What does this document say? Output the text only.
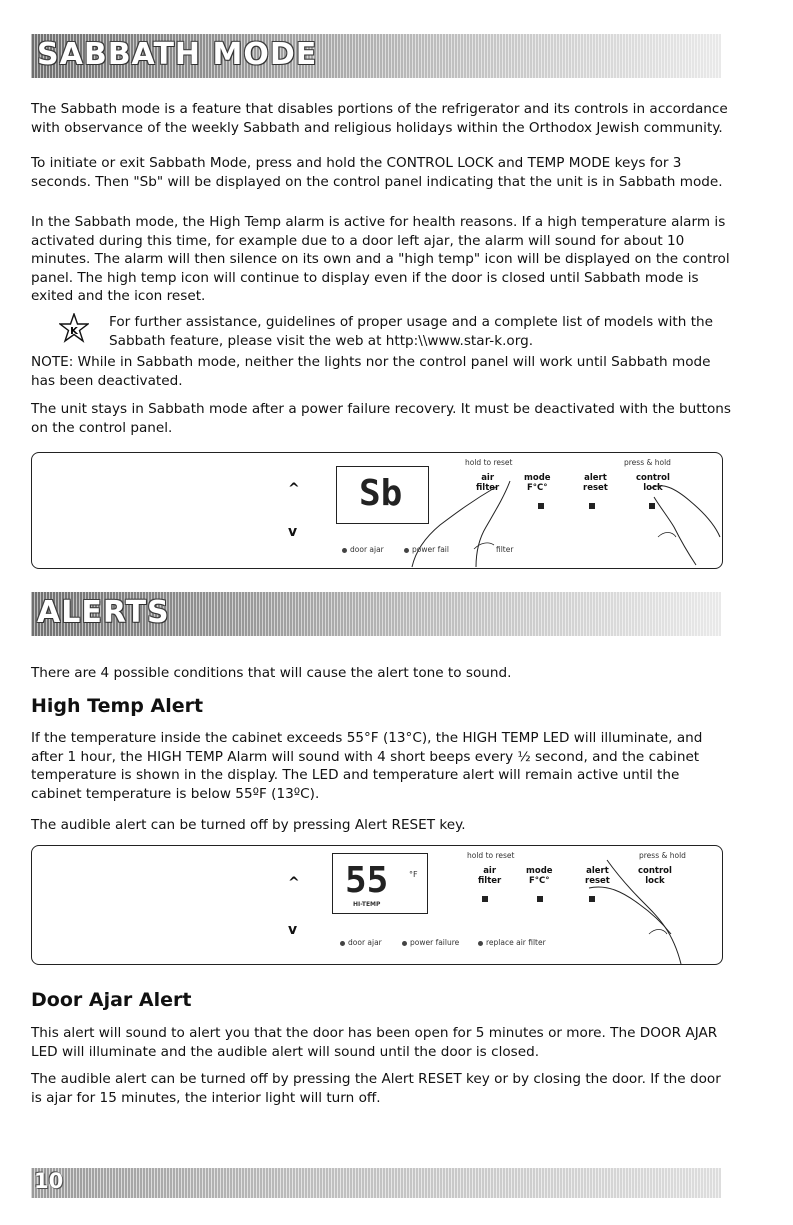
SABBATH MODE

The Sabbath mode is a feature that disables portions of the refrigerator and its controls in accordance with observance of the weekly Sabbath and religious holidays within the Orthodox Jewish community.

To initiate or exit Sabbath Mode, press and hold the CONTROL LOCK and TEMP MODE keys for 3 seconds. Then "Sb" will be displayed on the control panel indicating that the unit is in Sabbath mode.

In the Sabbath mode, the High Temp alarm is active for health reasons. If a high temperature alarm is activated during this time, for example due to a door left ajar, the alarm will sound for about 10 minutes. The alarm will then silence on its own and a "high temp" icon will be displayed on the control panel. The high temp icon will continue to display even if the door is closed until Sabbath mode is exited and the icon reset.

K

For further assistance, guidelines of proper usage and a complete list of models with the Sabbath feature, please visit the web at http:\\www.star-k.org.

NOTE: While in Sabbath mode, neither the lights nor the control panel will work until Sabbath mode has been deactivated.

The unit stays in Sabbath mode after a power failure recovery. It must be deactivated with the buttons on the control panel.

^
v
Sb
door ajar	power fail	filter
hold to reset	press & hold
air
filter
mode
F°C°
alert
reset
control
lock
ALERTS

There are 4 possible conditions that will cause the alert tone to sound.

High Temp Alert

If the temperature inside the cabinet exceeds 55°F (13°C), the HIGH TEMP LED will illuminate, and after 1 hour, the HIGH TEMP Alarm will sound with 4 short beeps every ½ second, and the cabinet temperature is shown in the display. The LED and temperature alert will remain active until the cabinet temperature is below 55ºF (13ºC).

The audible alert can be turned off by pressing Alert RESET key.

^
v
55	°F
HI-TEMP
door ajar	power failure	replace air filter
hold to reset	press & hold
air
filter
mode
F°C°
alert
reset
control
lock
Door Ajar Alert

This alert will sound to alert you that the door has been open for 5 minutes or more. The DOOR AJAR LED will illuminate and the audible alert will sound until the door is closed.

The audible alert can be turned off by pressing the Alert RESET key or by closing the door. If the door is ajar for 15 minutes, the interior light will turn off.

10
